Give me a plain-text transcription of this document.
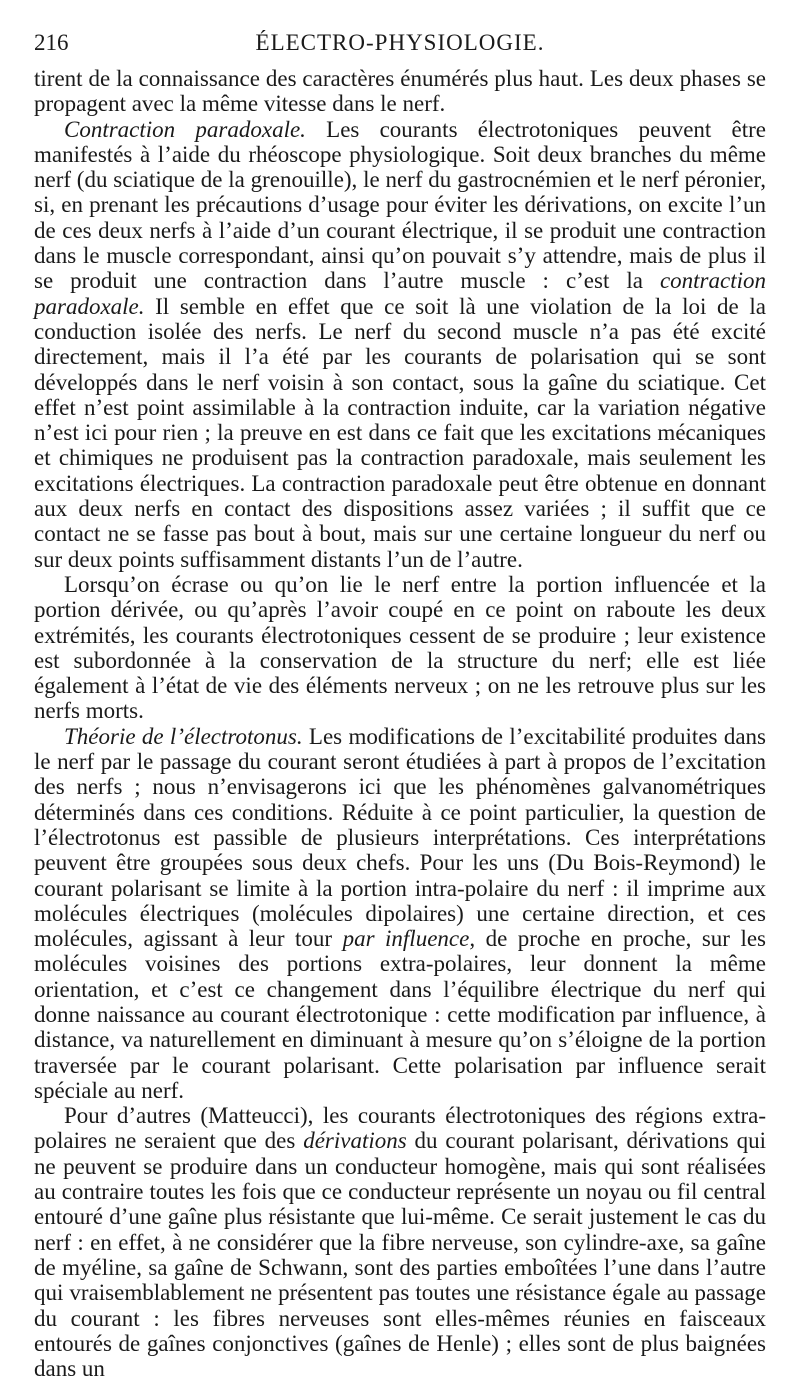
216	ÉLECTRO-PHYSIOLOGIE.

tirent de la connaissance des caractères énumérés plus haut. Les deux phases se propagent avec la même vitesse dans le nerf.

Contraction paradoxale. Les courants électrotoniques peuvent être manifestés à l’aide du rhéoscope physiologique. Soit deux branches du même nerf (du sciatique de la grenouille), le nerf du gastrocnémien et le nerf péronier, si, en prenant les précautions d’usage pour éviter les dérivations, on excite l’un de ces deux nerfs à l’aide d’un courant électrique, il se produit une contraction dans le muscle correspondant, ainsi qu’on pouvait s’y attendre, mais de plus il se produit une contraction dans l’autre muscle : c’est la contraction paradoxale. Il semble en effet que ce soit là une violation de la loi de la conduction isolée des nerfs. Le nerf du second muscle n’a pas été excité directement, mais il l’a été par les courants de polarisation qui se sont développés dans le nerf voisin à son contact, sous la gaîne du sciatique. Cet effet n’est point assimilable à la contraction induite, car la variation négative n’est ici pour rien ; la preuve en est dans ce fait que les excitations mécaniques et chimiques ne produisent pas la contraction paradoxale, mais seulement les excitations électriques. La contraction paradoxale peut être obtenue en donnant aux deux nerfs en contact des dispositions assez variées ; il suffit que ce contact ne se fasse pas bout à bout, mais sur une certaine longueur du nerf ou sur deux points suffisamment distants l’un de l’autre.

Lorsqu’on écrase ou qu’on lie le nerf entre la portion influencée et la portion dérivée, ou qu’après l’avoir coupé en ce point on raboute les deux extrémités, les courants électrotoniques cessent de se produire ; leur existence est subordonnée à la conservation de la structure du nerf; elle est liée également à l’état de vie des éléments nerveux ; on ne les retrouve plus sur les nerfs morts.

Théorie de l’électrotonus. Les modifications de l’excitabilité produites dans le nerf par le passage du courant seront étudiées à part à propos de l’excitation des nerfs ; nous n’envisagerons ici que les phénomènes galvanométriques déterminés dans ces conditions. Réduite à ce point particulier, la question de l’électrotonus est passible de plusieurs interprétations. Ces interprétations peuvent être groupées sous deux chefs. Pour les uns (Du Bois-Reymond) le courant polarisant se limite à la portion intra-polaire du nerf : il imprime aux molécules électriques (molécules dipolaires) une certaine direction, et ces molécules, agissant à leur tour par influence, de proche en proche, sur les molécules voisines des portions extra-polaires, leur donnent la même orientation, et c’est ce changement dans l’équilibre électrique du nerf qui donne naissance au courant électrotonique : cette modification par influence, à distance, va naturellement en diminuant à mesure qu’on s’éloigne de la portion traversée par le courant polarisant. Cette polarisation par influence serait spéciale au nerf.

Pour d’autres (Matteucci), les courants électrotoniques des régions extra-polaires ne seraient que des dérivations du courant polarisant, dérivations qui ne peuvent se produire dans un conducteur homogène, mais qui sont réalisées au contraire toutes les fois que ce conducteur représente un noyau ou fil central entouré d’une gaîne plus résistante que lui-même. Ce serait justement le cas du nerf : en effet, à ne considérer que la fibre nerveuse, son cylindre-axe, sa gaîne de myéline, sa gaîne de Schwann, sont des parties emboîtées l’une dans l’autre qui vraisemblablement ne présentent pas toutes une résistance égale au passage du courant : les fibres nerveuses sont elles-mêmes réunies en faisceaux entourés de gaînes conjonctives (gaînes de Henle) ; elles sont de plus baignées dans un
